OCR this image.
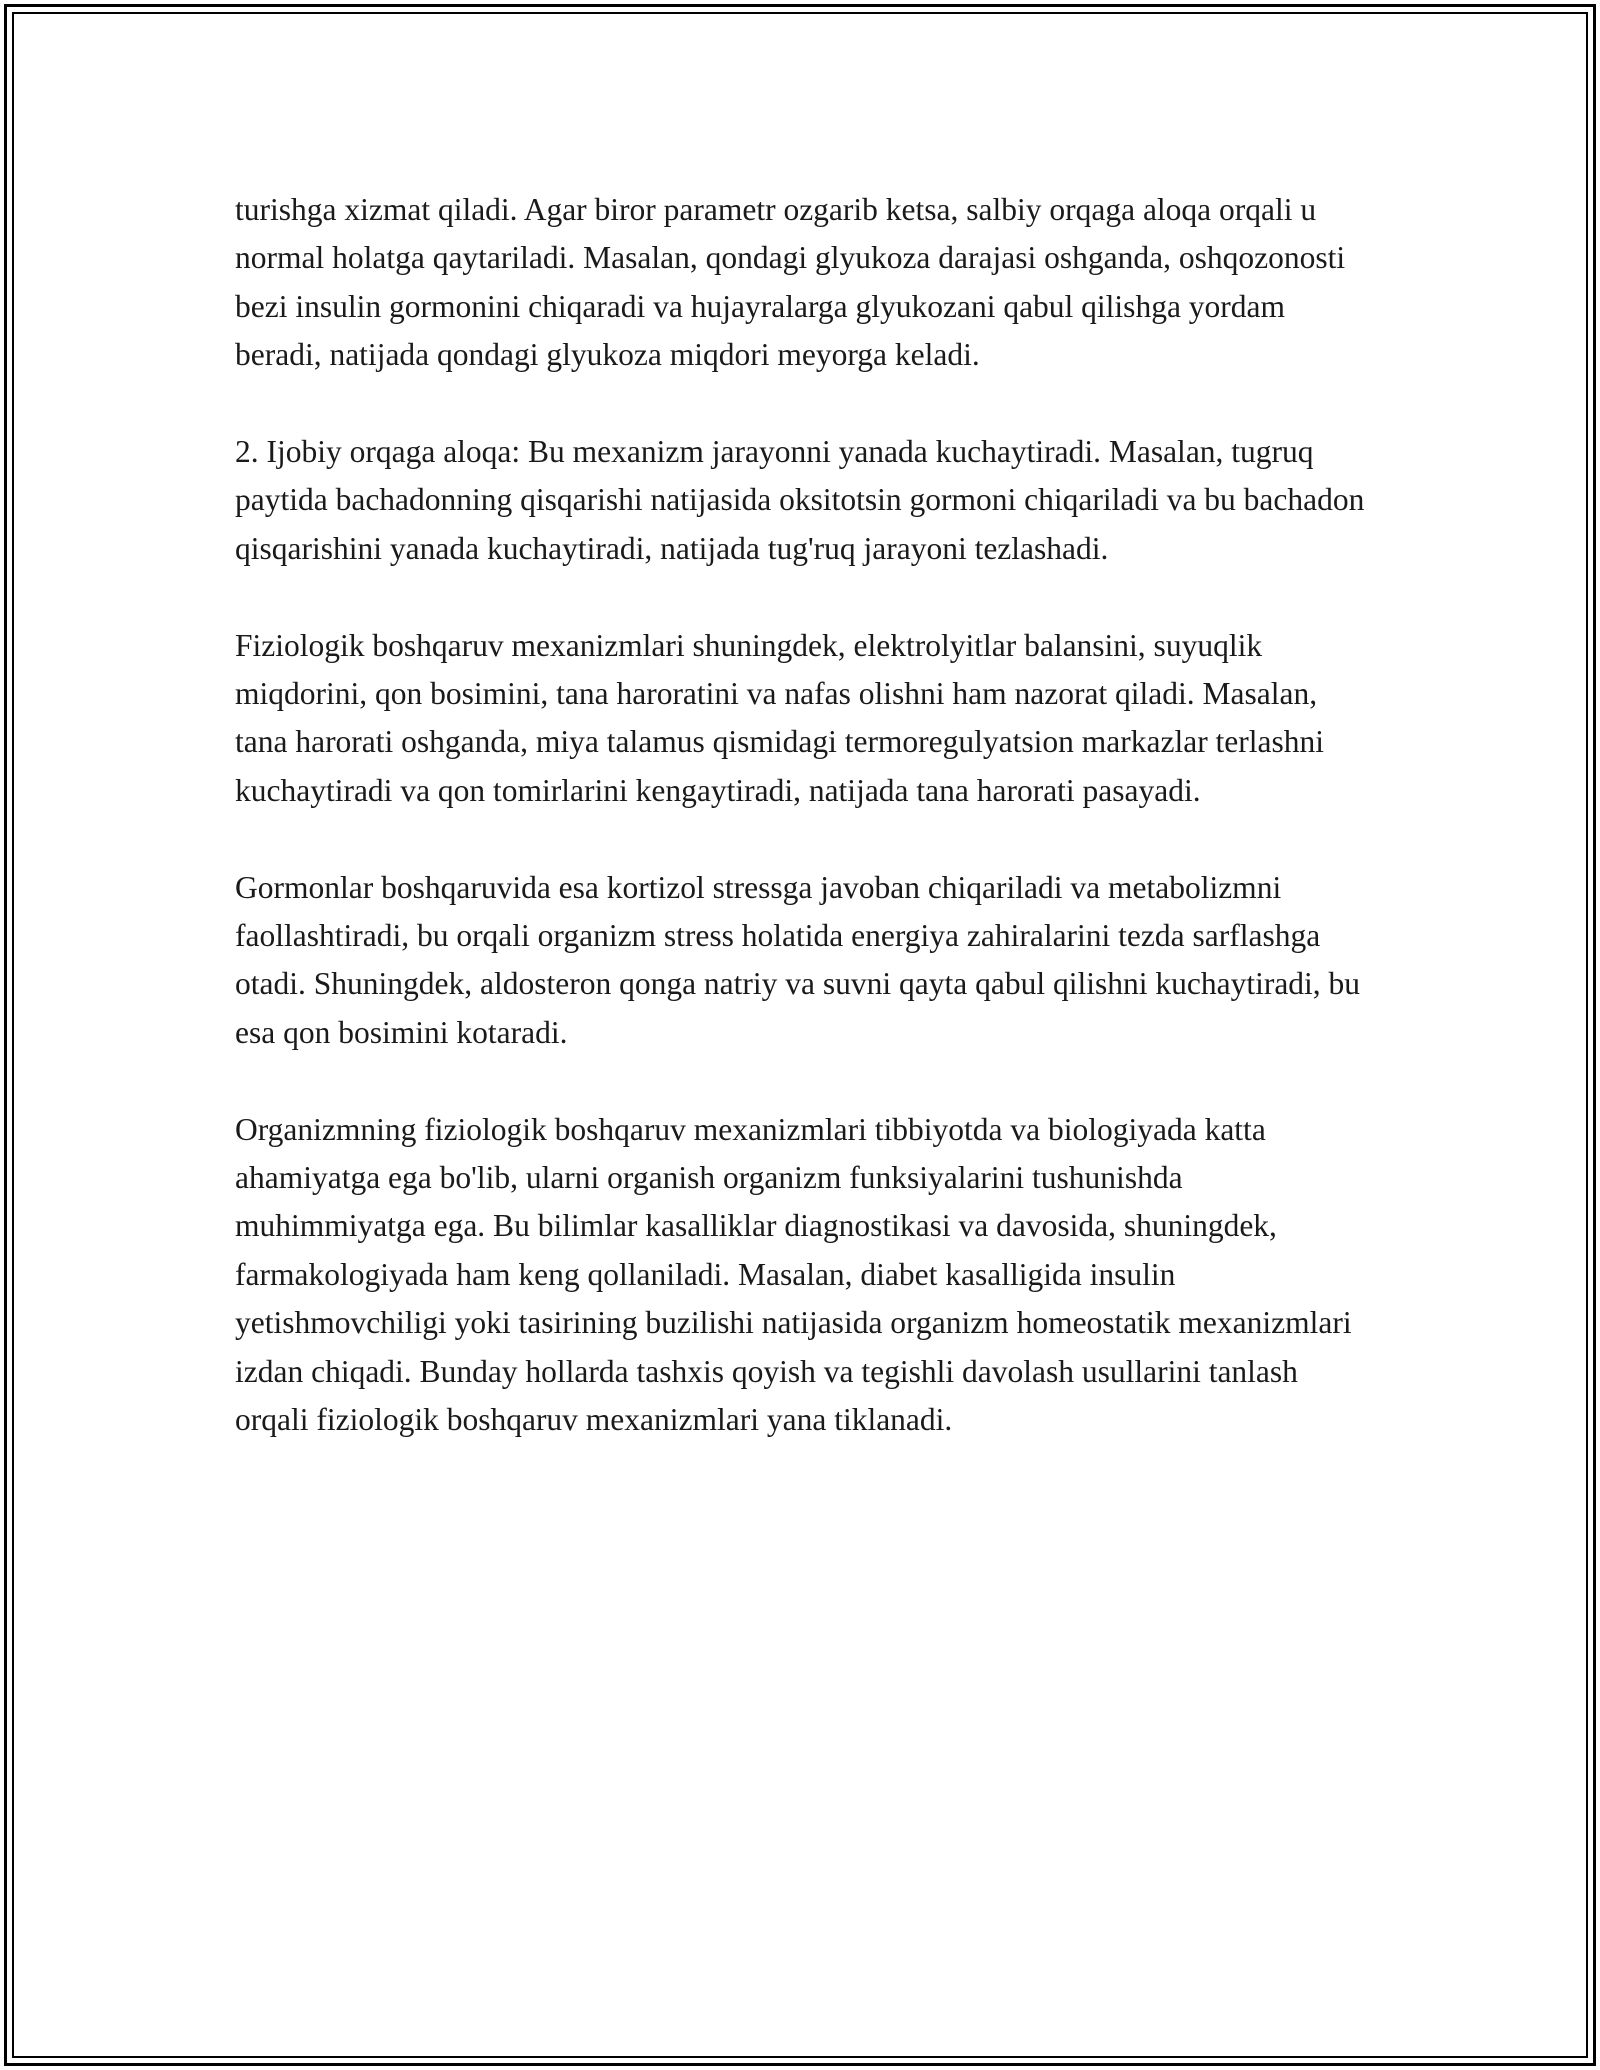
turishga xizmat qiladi. Agar biror parametr ozgarib ketsa, salbiy orqaga aloqa orqali u normal holatga qaytariladi. Masalan, qondagi glyukoza darajasi oshganda, oshqozonosti bezi insulin gormonini chiqaradi va hujayralarga glyukozani qabul qilishga yordam beradi, natijada qondagi glyukoza miqdori meyorga keladi.

2. Ijobiy orqaga aloqa: Bu mexanizm jarayonni yanada kuchaytiradi. Masalan, tugruq paytida bachadonning qisqarishi natijasida oksitotsin gormoni chiqariladi va bu bachadon qisqarishini yanada kuchaytiradi, natijada tug'ruq jarayoni tezlashadi.

Fiziologik boshqaruv mexanizmlari shuningdek, elektrolyitlar balansini, suyuqlik miqdorini, qon bosimini, tana haroratini va nafas olishni ham nazorat qiladi. Masalan, tana harorati oshganda, miya talamus qismidagi termoregulyatsion markazlar terlashni kuchaytiradi va qon tomirlarini kengaytiradi, natijada tana harorati pasayadi.

Gormonlar boshqaruvida esa kortizol stressga javoban chiqariladi va metabolizmni faollashtiradi, bu orqali organizm stress holatida energiya zahiralarini tezda sarflashga otadi. Shuningdek, aldosteron qonga natriy va suvni qayta qabul qilishni kuchaytiradi, bu esa qon bosimini kotaradi.

Organizmning fiziologik boshqaruv mexanizmlari tibbiyotda va biologiyada katta ahamiyatga ega bo'lib, ularni organish organizm funksiyalarini tushunishda muhimmiyatga ega. Bu bilimlar kasalliklar diagnostikasi va davosida, shuningdek, farmakologiyada ham keng qollaniladi. Masalan, diabet kasalligida insulin yetishmovchiligi yoki tasirining buzilishi natijasida organizm homeostatik mexanizmlari izdan chiqadi. Bunday hollarda tashxis qoyish va tegishli davolash usullarini tanlash orqali fiziologik boshqaruv mexanizmlari yana tiklanadi.
